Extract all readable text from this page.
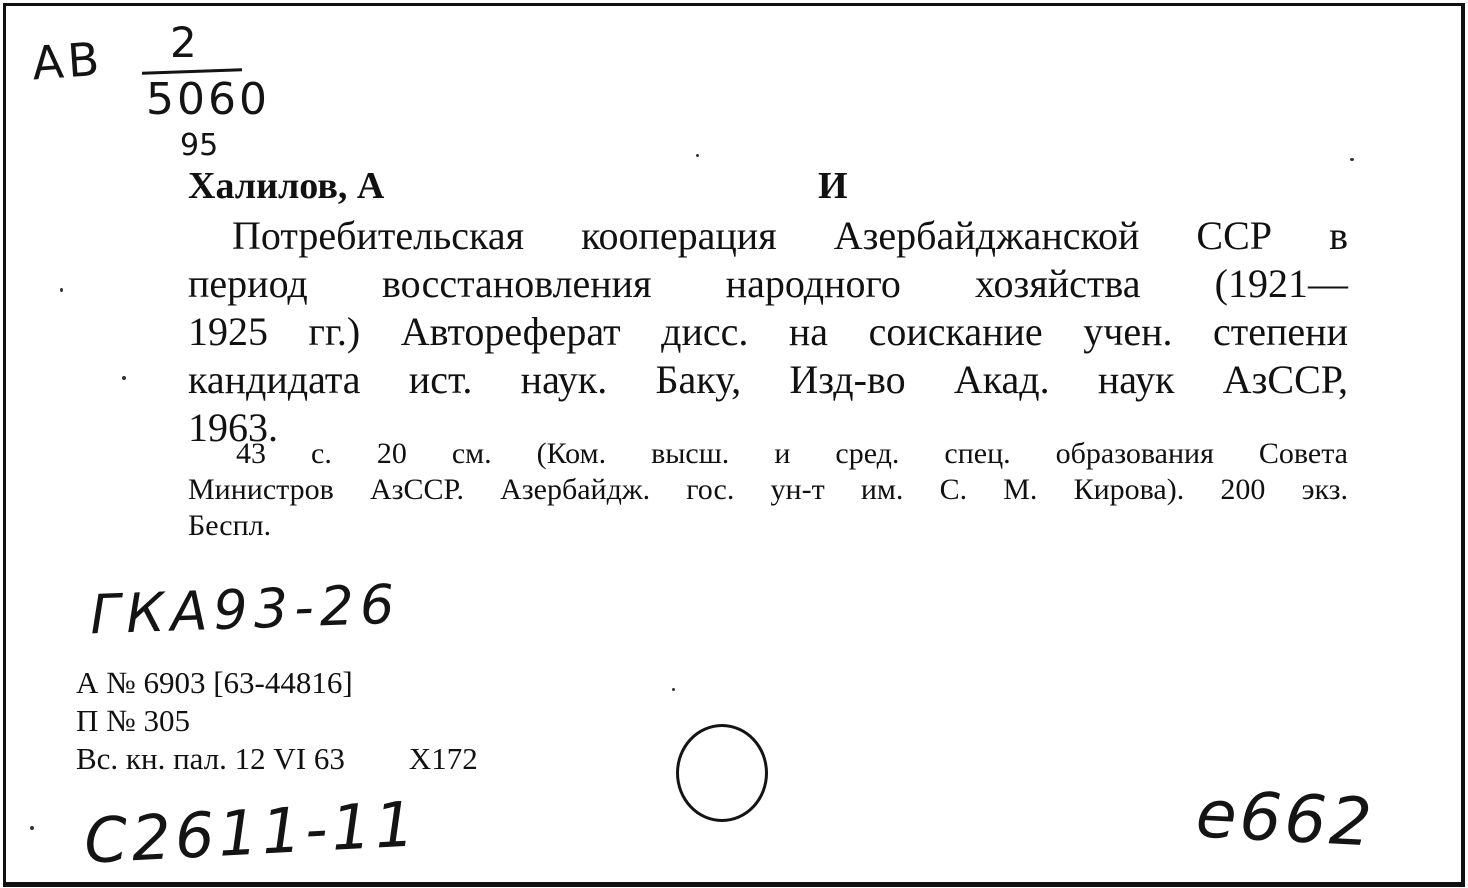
АВ 2
5060
95
Халилов, А	И
Потребительская кооперация Азербайджанской ССР в
период восстановления народного хозяйства (1921—
1925 гг.) Автореферат дисс. на соискание учен. степени
кандидата ист. наук. Баку, Изд-во Акад. наук АзССР,
1963.
43 с. 20 см. (Ком. высш. и сред. спец. образования Совета
Министров АзССР. Азербайдж. гос. ун-т им. С. М. Кирова). 200 экз.
Беспл.
ГКА93-26
А № 6903 [63-44816]
П № 305
Вс. кн. пал. 12 VI 63 X172
С2611-11	е662
